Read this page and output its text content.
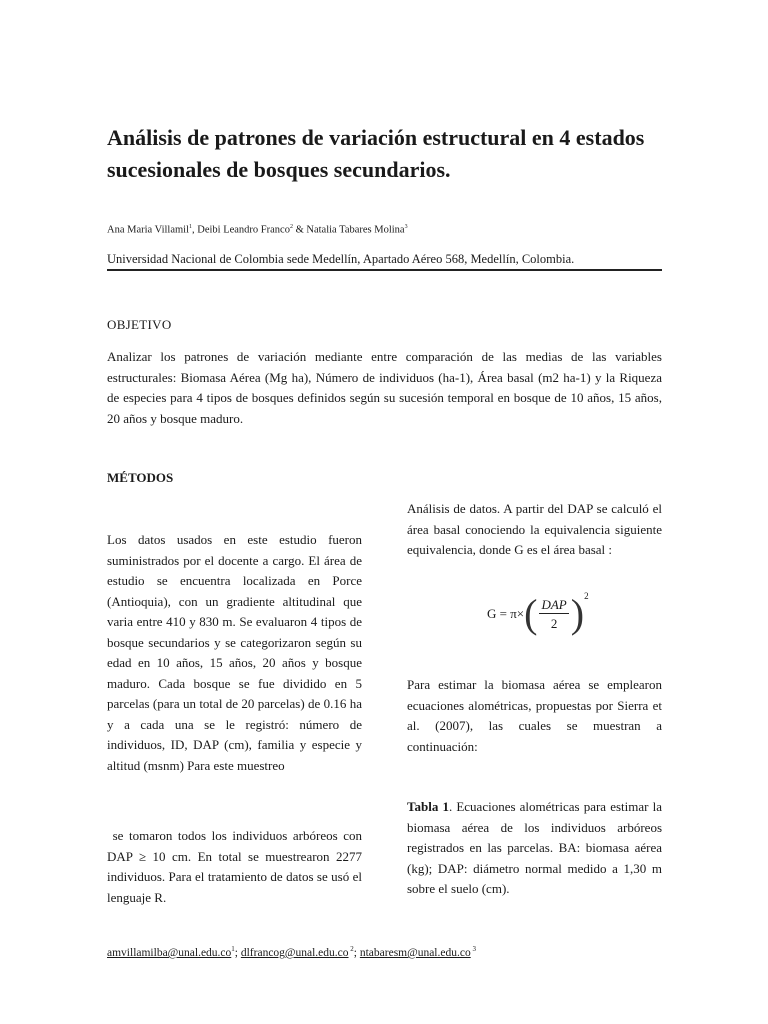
Análisis de patrones de variación estructural en 4 estados sucesionales de bosques secundarios.
Ana Maria Villamil$^1$, Deibi Leandro Franco$^2$ & Natalia Tabares Molina$^3$
Universidad Nacional de Colombia sede Medellín, Apartado Aéreo 568, Medellín, Colombia.
OBJETIVO

Analizar los patrones de variación mediante entre comparación de las medias de las variables estructurales: Biomasa Aérea (Mg ha), Número de individuos (ha-1), Área basal (m2 ha-1) y la Riqueza de especies para 4 tipos de bosques definidos según su sucesión temporal en bosque de 10 años, 15 años, 20 años y bosque maduro.

MÉTODOS

Los datos usados en este estudio fueron suministrados por el docente a cargo. El área de estudio se encuentra localizada en Porce (Antioquia), con un gradiente altitudinal que varia entre 410 y 830 m. Se evaluaron 4 tipos de bosque secundarios y se categorizaron según su edad en 10 años, 15 años, 20 años y bosque maduro. Cada bosque se fue dividido en 5 parcelas (para un total de 20 parcelas) de 0.16 ha y a cada una se le registró: número de individuos, ID, DAP (cm), familia y especie y altitud (msnm) Para este muestreo

se tomaron todos los individuos arbóreos con DAP ≥ 10 cm. En total se muestrearon 2277 individuos. Para el tratamiento de datos se usó el lenguaje R.

Análisis de datos. A partir del DAP se calculó el área basal conociendo la equivalencia siguiente equivalencia, donde G es el área basal :

G = π× ( $\frac{\text{DAP}}{2}$ ) 2

Para estimar la biomasa aérea se emplearon ecuaciones alométricas, propuestas por Sierra et al. (2007), las cuales se muestran a continuación:

Tabla 1. Ecuaciones alométricas para estimar la biomasa aérea de los individuos arbóreos registrados en las parcelas. BA: biomasa aérea (kg); DAP: diámetro normal medido a 1,30 m sobre el suelo (cm).

$amvillamilba@unal.edu.co^1$; dlfrancog@unal.edu.co $^2$; ntabaresm@unal.edu.co $^3$
